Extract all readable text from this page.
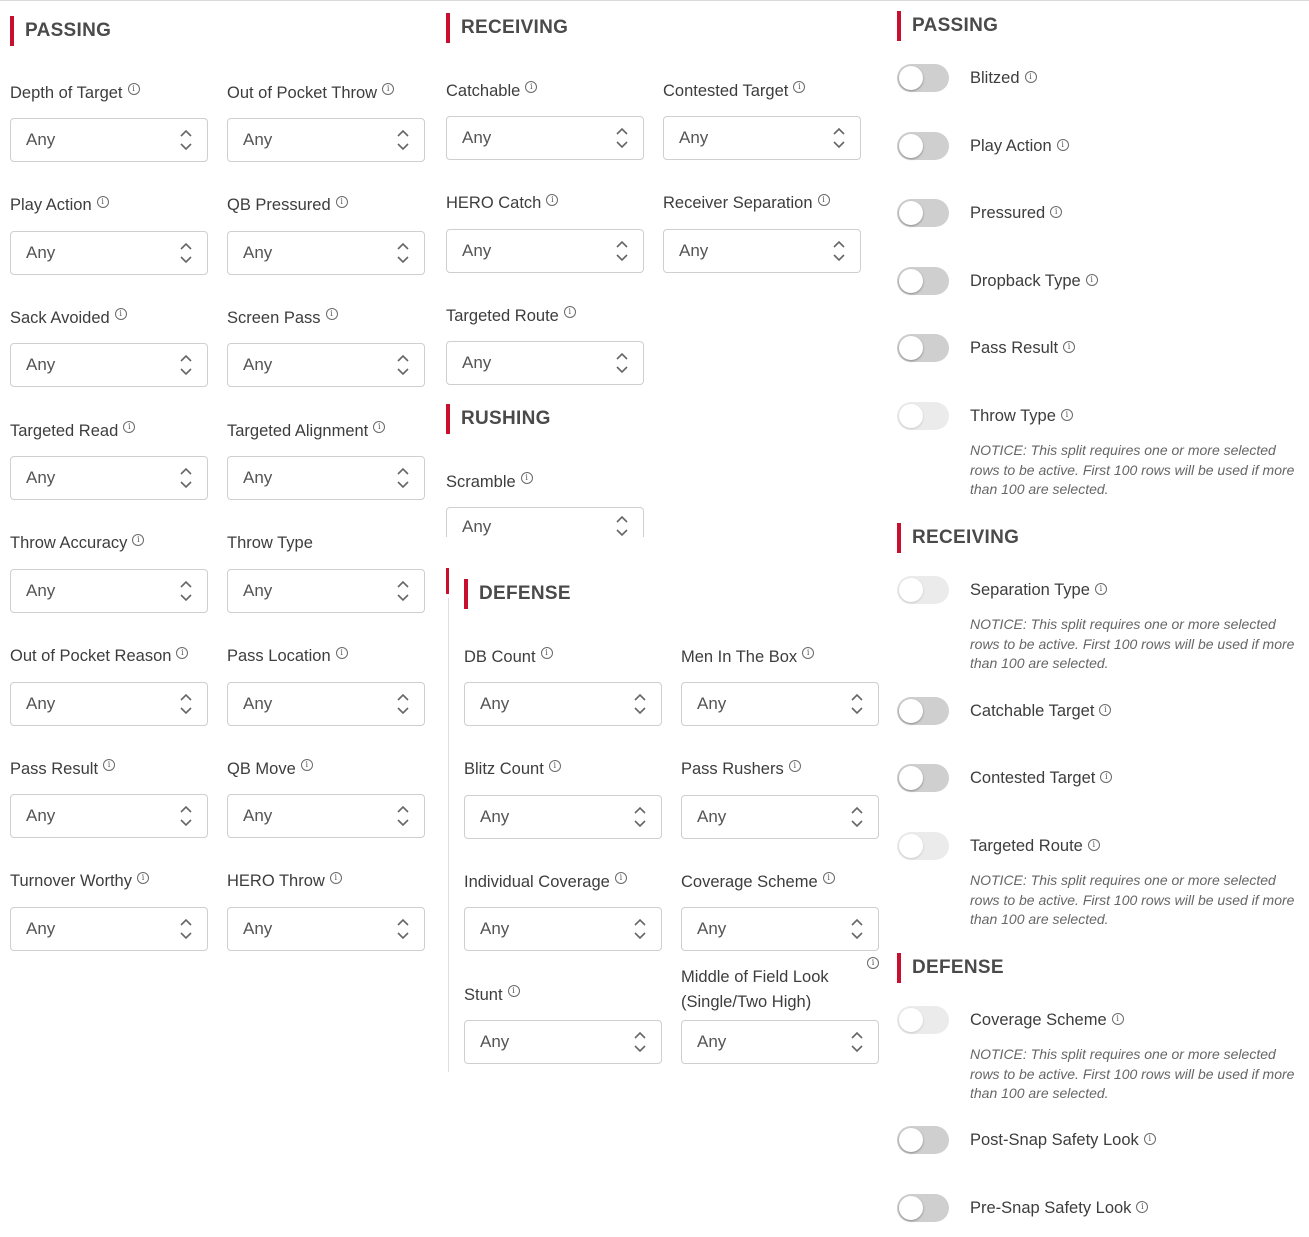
PASSING
Depth of Target	i
Any
Out of Pocket Throw	i
Any
Play Action	i
Any
QB Pressured	i
Any
Sack Avoided	i
Any
Screen Pass	i
Any
Targeted Read	i
Any
Targeted Alignment	i
Any
Throw Accuracy	i
Any
Throw Type
Any
Out of Pocket Reason	i
Any
Pass Location	i
Any
Pass Result	i
Any
QB Move	i
Any
Turnover Worthy	i
Any
HERO Throw	i
Any
RECEIVING
Catchable	i
Any
Contested Target	i
Any
HERO Catch	i
Any
Receiver Separation	i
Any
Targeted Route	i
Any
RUSHING
Scramble	i
Any
DEFENSE
DB Count	i
Any
Men In The Box	i
Any
Blitz Count	i
Any
Pass Rushers	i
Any
Individual Coverage	i
Any
Coverage Scheme	i
Any
Stunt	i
Any
Middle of Field Look (Single/Two High)
i
Any
PASSING
Blitzed i
Play Action i
Pressured i
Dropback Type i
Pass Result i
Throw Type i
NOTICE: This split requires one or more selected rows to be active. First 100 rows will be used if more than 100 are selected.
RECEIVING
Separation Type i
Catchable Target i
Contested Target i
Targeted Route i
NOTICE: This split requires one or more selected rows to be active. First 100 rows will be used if more than 100 are selected.
NOTICE: This split requires one or more selected rows to be active. First 100 rows will be used if more than 100 are selected.
DEFENSE
Coverage Scheme i
Post-Snap Safety Look i
Pre-Snap Safety Look i
NOTICE: This split requires one or more selected rows to be active. First 100 rows will be used if more than 100 are selected.
